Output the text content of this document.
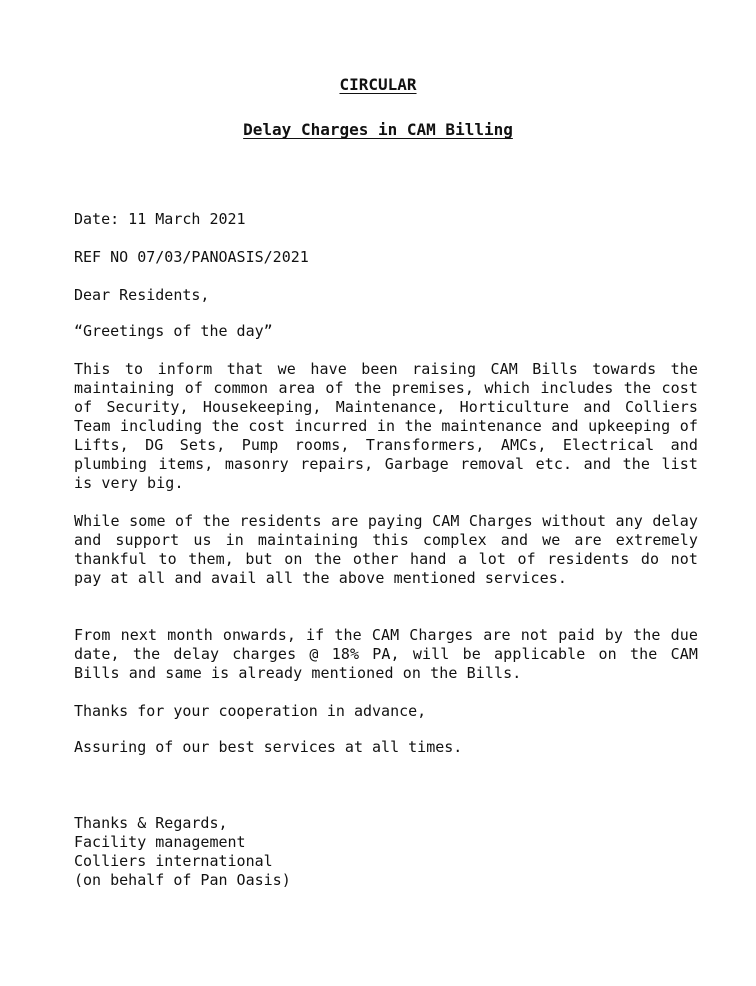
CIRCULAR
Delay Charges in CAM Billing
Date: 11 March 2021
REF NO 07/03/PANOASIS/2021
Dear Residents,
“Greetings of the day”

This to inform that we have been raising CAM Bills towards the maintaining of common area of the premises, which includes the cost of Security, Housekeeping, Maintenance, Horticulture and Colliers Team including the cost incurred in the maintenance and upkeeping of Lifts, DG Sets, Pump rooms, Transformers, AMCs, Electrical and plumbing items, masonry repairs, Garbage removal etc. and the list is very big.

While some of the residents are paying CAM Charges without any delay and support us in maintaining this complex and we are extremely thankful to them, but on the other hand a lot of residents do not pay at all and avail all the above mentioned services.

From next month onwards, if the CAM Charges are not paid by the due date, the delay charges @ 18% PA, will be applicable on the CAM Bills and same is already mentioned on the Bills.

Thanks for your cooperation in advance,
Assuring of our best services at all times.
Thanks & Regards,
Facility management
Colliers international
(on behalf of Pan Oasis)
